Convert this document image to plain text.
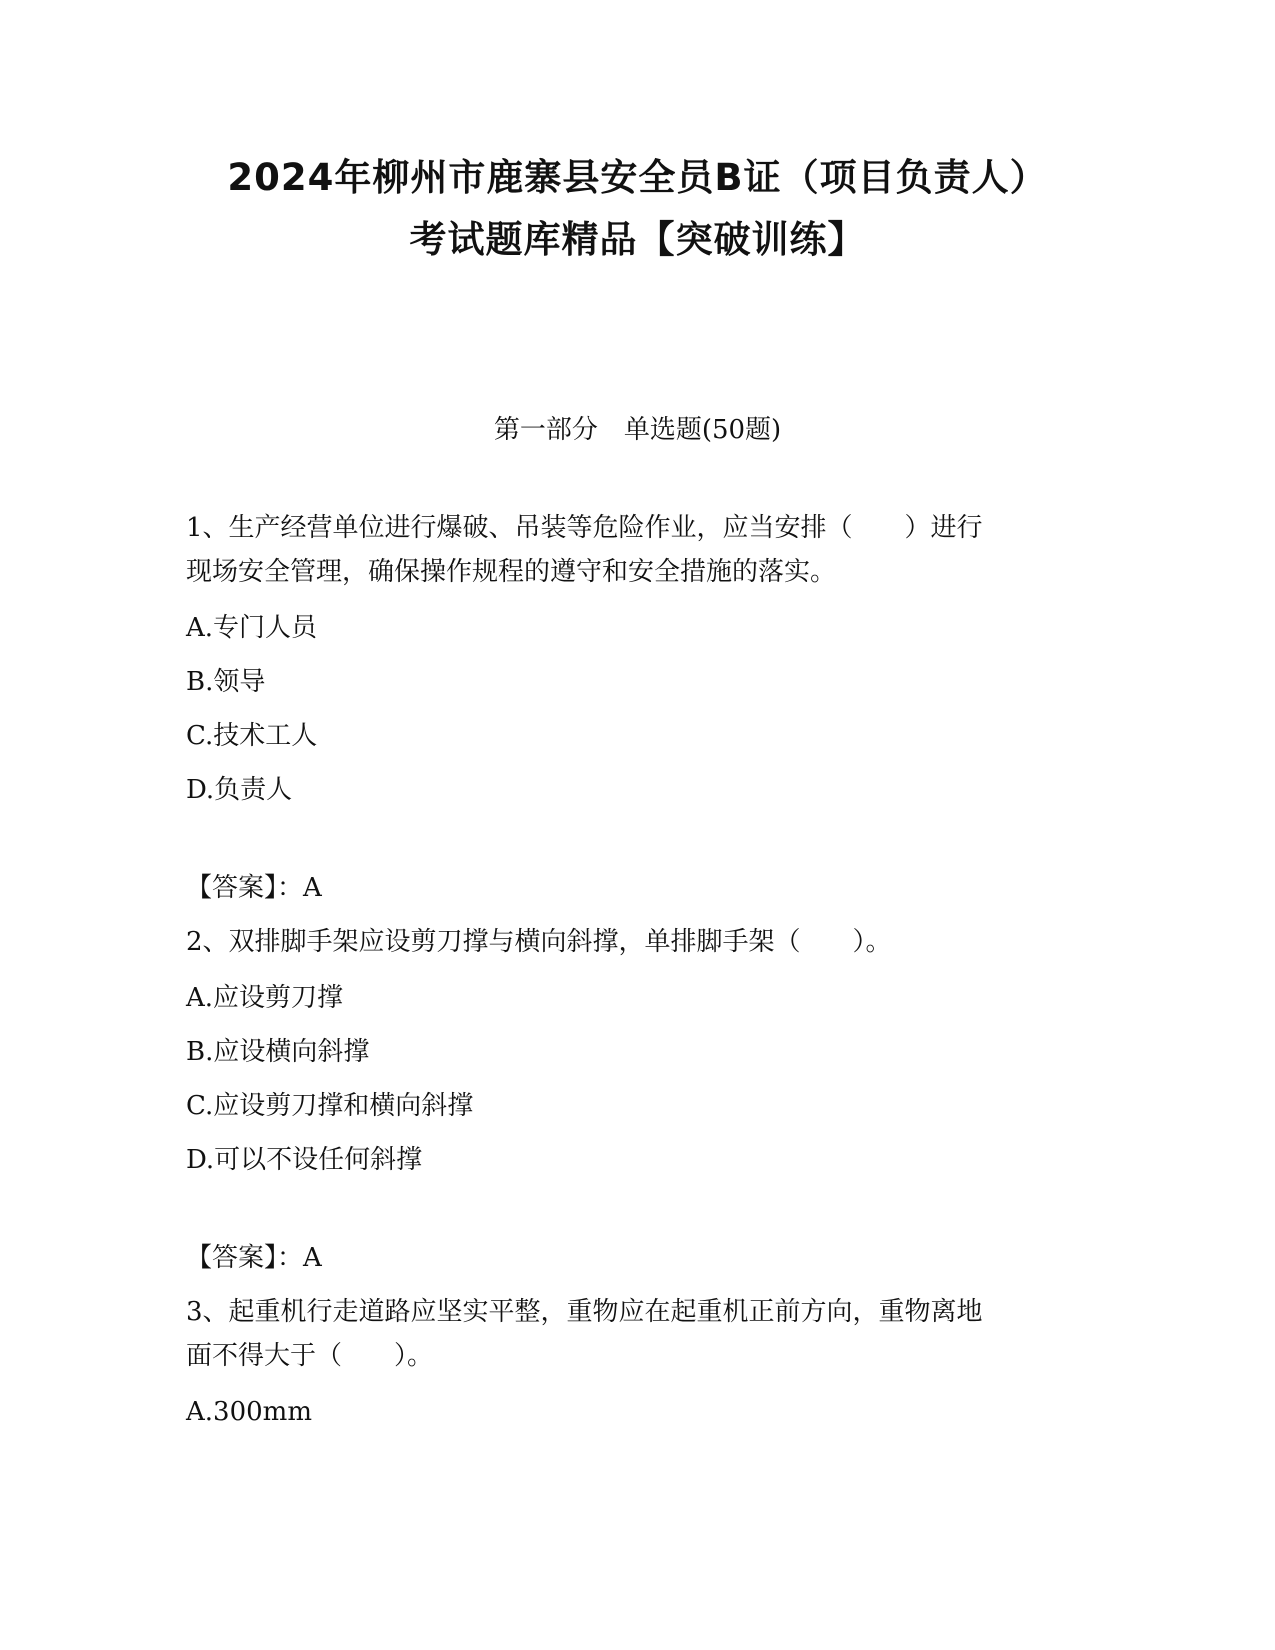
2024年柳州市鹿寨县安全员B证（项目负责人）
考试题库精品【突破训练】
第一部分　单选题(50题)
1、生产经营单位进行爆破、吊装等危险作业，应当安排（　　）进行
现场安全管理，确保操作规程的遵守和安全措施的落实。
A.专门人员
B.领导
C.技术工人
D.负责人
【答案】：A
2、双排脚手架应设剪刀撑与横向斜撑，单排脚手架（　　）。
A.应设剪刀撑
B.应设横向斜撑
C.应设剪刀撑和横向斜撑
D.可以不设任何斜撑
【答案】：A
3、起重机行走道路应坚实平整，重物应在起重机正前方向，重物离地
面不得大于（　　）。
A.300mm
